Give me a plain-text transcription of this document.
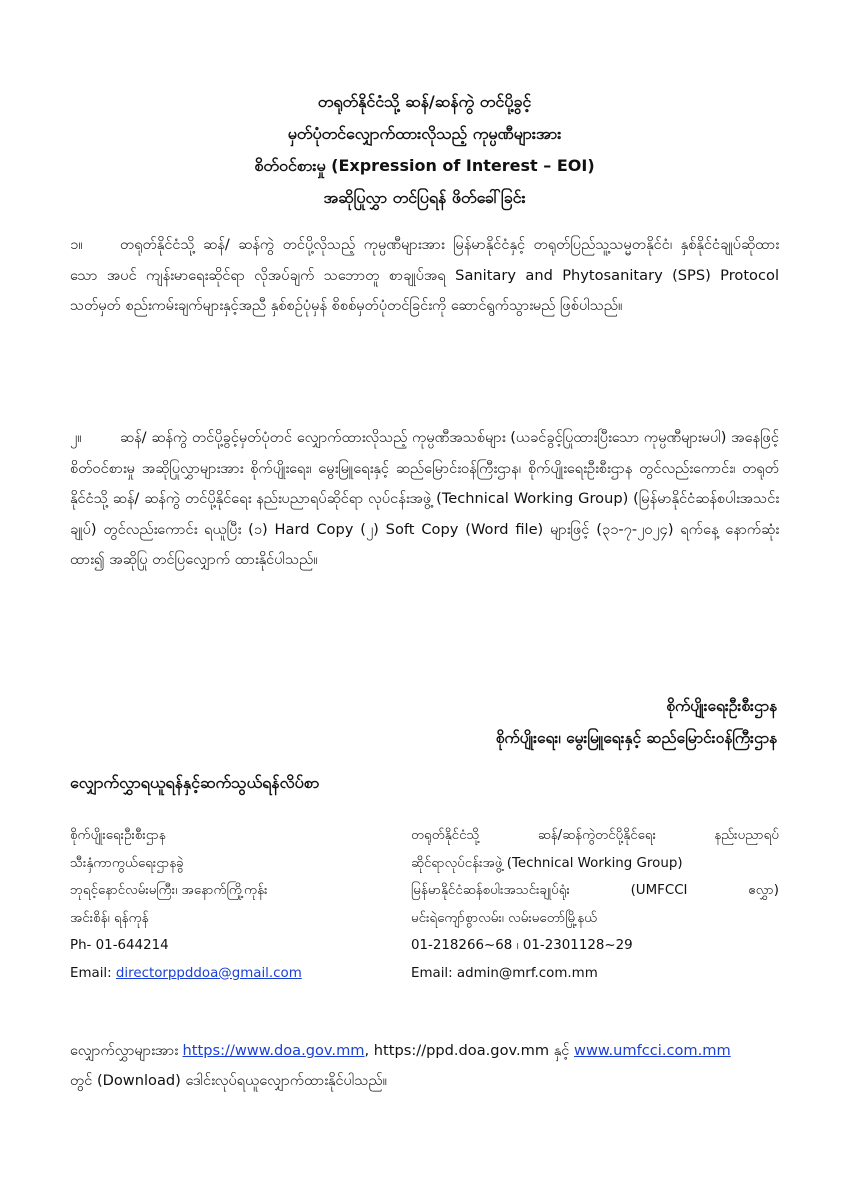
တရုတ်နိုင်ငံသို့ ဆန်/ဆန်ကွဲ တင်ပို့ခွင့်
မှတ်ပုံတင်လျှောက်ထားလိုသည့် ကုမ္ပဏီများအား
စိတ်ဝင်စားမှု (Expression of Interest – EOI)
အဆိုပြုလွှာ တင်ပြရန် ဖိတ်ခေါ်ခြင်း
၁။	တရုတ်နိုင်ငံသို့ ဆန်/ ဆန်ကွဲ တင်ပို့လိုသည့် ကုမ္ပဏီများအား မြန်မာနိုင်ငံနှင့် တရုတ်ပြည်သူ့သမ္မတနိုင်ငံ၊ နှစ်နိုင်ငံချုပ်ဆိုထားသော အပင် ကျန်းမာရေးဆိုင်ရာ လိုအပ်ချက် သဘောတူ စာချုပ်အရ Sanitary and Phytosanitary (SPS) Protocol သတ်မှတ် စည်းကမ်းချက်များနှင့်အညီ နှစ်စဉ်ပုံမှန် စိစစ်မှတ်ပုံတင်ခြင်းကို ဆောင်ရွက်သွားမည် ဖြစ်ပါသည်။
၂။	ဆန်/ ဆန်ကွဲ တင်ပို့ခွင့်မှတ်ပုံတင် လျှောက်ထားလိုသည့် ကုမ္ပဏီအသစ်များ (ယခင်ခွင့်ပြုထားပြီးသော ကုမ္ပဏီများမပါ) အနေဖြင့် စိတ်ဝင်စားမှု အဆိုပြုလွှာများအား စိုက်ပျိုးရေး၊ မွေးမြူရေးနှင့် ဆည်မြောင်းဝန်ကြီးဌာန၊ စိုက်ပျိုးရေးဦးစီးဌာန တွင်လည်းကောင်း၊ တရုတ်နိုင်ငံသို့ ဆန်/ ဆန်ကွဲ တင်ပို့နိုင်ရေး နည်းပညာရပ်ဆိုင်ရာ လုပ်ငန်းအဖွဲ့ (Technical Working Group) (မြန်မာနိုင်ငံဆန်စပါးအသင်းချုပ်) တွင်လည်းကောင်း ရယူပြီး (၁) Hard Copy (၂) Soft Copy (Word file) များဖြင့် (၃၁-၇-၂၀၂၄) ရက်နေ့ နောက်ဆုံးထား၍ အဆိုပြု တင်ပြလျှောက် ထားနိုင်ပါသည်။
စိုက်ပျိုးရေးဦးစီးဌာန
စိုက်ပျိုးရေး၊ မွေးမြူရေးနှင့် ဆည်မြောင်းဝန်ကြီးဌာန
လျှောက်လွှာရယူရန်နှင့်ဆက်သွယ်ရန်လိပ်စာ
စိုက်ပျိုးရေးဦးစီးဌာန
သီးနှံကာကွယ်ရေးဌာနခွဲ
ဘုရင့်နောင်လမ်းမကြီး၊ အနောက်ကြို့ကုန်း
အင်းစိန်၊ ရန်ကုန်
Ph- 01-644214
Email: directorppddoa@gmail.com
တရုတ်နိုင်ငံသို့ ဆန်/ဆန်ကွဲတင်ပို့နိုင်ရေး နည်းပညာရပ်
ဆိုင်ရာလုပ်ငန်းအဖွဲ့ (Technical Working Group)
မြန်မာနိုင်ငံဆန်စပါးအသင်းချုပ်ရုံး (UMFCCI ဧလွှာ)
မင်းရဲကျော်စွာလမ်း၊ လမ်းမတော်မြို့နယ်
01-218266~68 ၊ 01-2301128~29
Email: admin@mrf.com.mm
လျှောက်လွှာများအား https://www.doa.gov.mm, https://ppd.doa.gov.mm နှင့် www.umfcci.com.mm
တွင် (Download) ဒေါင်းလုပ်ရယူလျှောက်ထားနိုင်ပါသည်။
